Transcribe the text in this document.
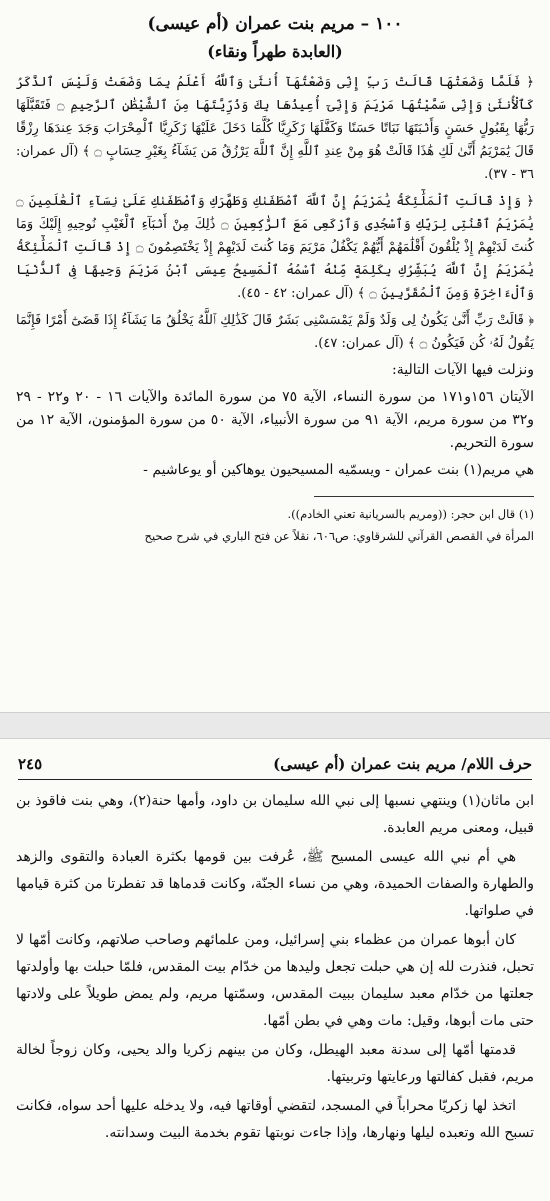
١٠٠ – مريم بنت عمران (أم عيسى)
(العابدة طهراً ونقاء)

﴿ فَلَمَّا وَضَعَتْهَا قَالَتْ رَبِّ إِنِّى وَضَعْتُهَآ أُنثَىٰ وَٱللَّهُ أَعْلَمُ بِمَا وَضَعَتْ وَلَيْسَ ٱلذَّكَرُ كَٱلْأُنثَىٰ وَإِنِّى سَمَّيْتُهَا مَرْيَمَ وَإِنِّىٓ أُعِيذُهَا بِكَ وَذُرِّيَّتَهَا مِنَ ٱلشَّيْطَٰنِ ٱلرَّجِيمِ ۝ فَتَقَبَّلَهَا رَبُّهَا بِقَبُولٍ حَسَنٍ وَأَنۢبَتَهَا نَبَاتًا حَسَنًا وَكَفَّلَهَا زَكَرِيَّا كُلَّمَا دَخَلَ عَلَيْهَا زَكَرِيَّا ٱلْمِحْرَابَ وَجَدَ عِندَهَا رِزْقًا قَالَ يَٰمَرْيَمُ أَنَّىٰ لَكِ هَٰذَا قَالَتْ هُوَ مِنْ عِندِ ٱللَّهِ إِنَّ ٱللَّهَ يَرْزُقُ مَن يَشَآءُ بِغَيْرِ حِسَابٍ ۝ ﴾ (آل عمران: ٣٦ - ٣٧).

﴿ وَإِذْ قَالَتِ ٱلْمَلَٰٓئِكَةُ يَٰمَرْيَمُ إِنَّ ٱللَّهَ ٱصْطَفَىٰكِ وَطَهَّرَكِ وَٱصْطَفَىٰكِ عَلَىٰ نِسَآءِ ٱلْعَٰلَمِينَ ۝ يَٰمَرْيَمُ ٱقْنُتِى لِرَبِّكِ وَٱسْجُدِى وَٱرْكَعِى مَعَ ٱلرَّٰكِعِينَ ۝ ذَٰلِكَ مِنْ أَنۢبَآءِ ٱلْغَيْبِ نُوحِيهِ إِلَيْكَ وَمَا كُنتَ لَدَيْهِمْ إِذْ يُلْقُونَ أَقْلَٰمَهُمْ أَيُّهُمْ يَكْفُلُ مَرْيَمَ وَمَا كُنتَ لَدَيْهِمْ إِذْ يَخْتَصِمُونَ ۝ إِذْ قَالَتِ ٱلْمَلَٰٓئِكَةُ يَٰمَرْيَمُ إِنَّ ٱللَّهَ يُبَشِّرُكِ بِكَلِمَةٍ مِّنْهُ ٱسْمُهُ ٱلْمَسِيحُ عِيسَى ٱبْنُ مَرْيَمَ وَجِيهًا فِى ٱلدُّنْيَا وَٱلْءَاخِرَةِ وَمِنَ ٱلْمُقَرَّبِينَ ۝ ﴾ (آل عمران: ٤٢ - ٤٥).

﴿ قَالَتْ رَبِّ أَنَّىٰ يَكُونُ لِى وَلَدٌ وَلَمْ يَمْسَسْنِى بَشَرٌ قَالَ كَذَٰلِكِ ٱللَّهُ يَخْلُقُ مَا يَشَآءُ إِذَا قَضَىٰٓ أَمْرًا فَإِنَّمَا يَقُولُ لَهُۥ كُن فَيَكُونُ ۝ ﴾ (آل عمران: ٤٧).

ونزلت فيها الآيات التالية:

الآيتان ١٥٦و١٧١ من سورة النساء، الآية ٧٥ من سورة المائدة والآيات ١٦ - ٢٠ و٢٢ - ٢٩ و٣٢ من سورة مريم، الآية ٩١ من سورة الأنبياء، الآية ٥٠ من سورة المؤمنون، الآية ١٢ من سورة التحريم.

هي مريم(١) بنت عمران - ويسمّيه المسيحيون يوهاكين أو يوعاشيم -

(١) قال ابن حجر: ((ومريم بالسريانية تعني الخادم)).
المرأة في القصص القرآني للشرقاوي: ص٦٠٦، نقلاً عن فتح الباري في شرح صحيح
حرف اللام/ مريم بنت عمران (أم عيسى)
٢٤٥

ابن ماثان(١) وينتهي نسبها إلى نبي الله سليمان بن داود، وأمها حنة(٢)، وهي بنت فاقوذ بن قبيل، ومعنى مريم العابدة.

هي أم نبي الله عيسى المسيح ﷺ، عُرفت بين قومها بكثرة العبادة والتقوى والزهد والطهارة والصفات الحميدة، وهي من نساء الجنّة، وكانت قدماها قد تفطرتا من كثرة قيامها في صلواتها.

كان أبوها عمران من عظماء بني إسرائيل، ومن علمائهم وصاحب صلاتهم، وكانت أمّها لا تحبل، فنذرت لله إن هي حبلت تجعل وليدها من خدّام بيت المقدس، فلمّا حبلت بها وأولدتها جعلتها من خدّام معبد سليمان ببيت المقدس، وسمّتها مريم، ولم يمض طويلاً على ولادتها حتى مات أبوها، وقيل: مات وهي في بطن أمّها.

قدمتها أمّها إلى سدنة معبد الهيطل، وكان من بينهم زكريا والد يحيى، وكان زوجاً لخالة مريم، فقبل كفالتها ورعايتها وتربيتها.

اتخذ لها زكريّا محراباً في المسجد، لتقضي أوقاتها فيه، ولا يدخله عليها أحد سواه، فكانت تسبح الله وتعبده ليلها ونهارها، وإذا جاءت نوبتها تقوم بخدمة البيت وسدانته.
